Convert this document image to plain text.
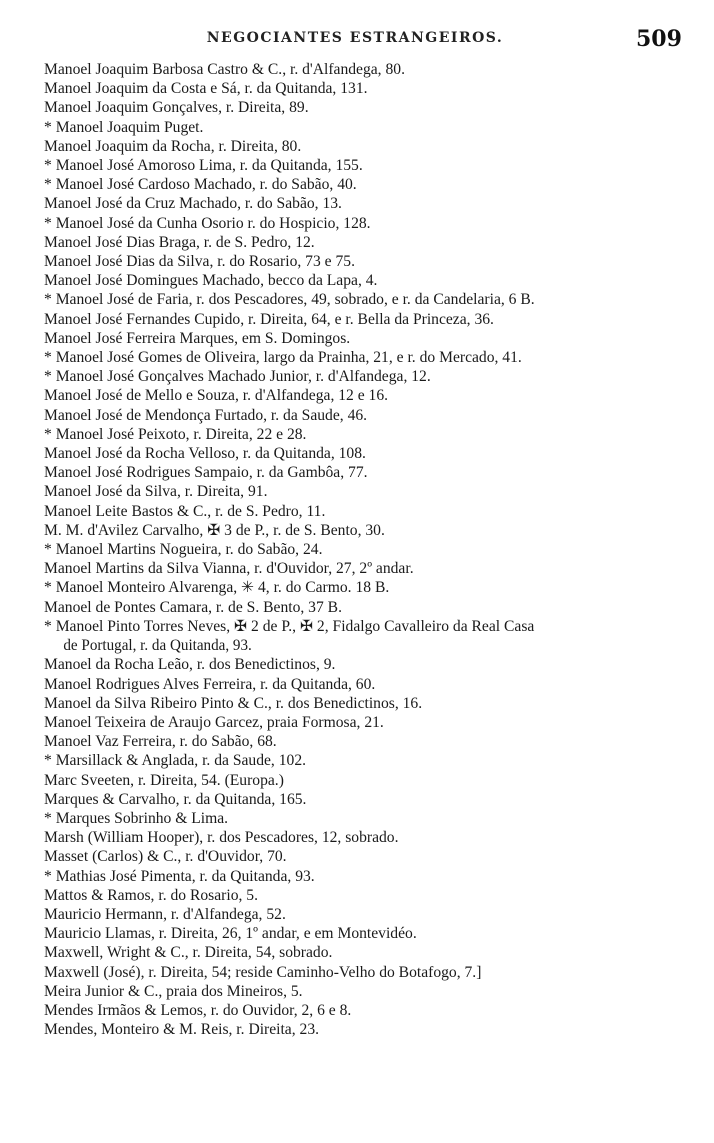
NEGOCIANTES ESTRANGEIROS.	509
Manoel Joaquim Barbosa Castro & C., r. d'Alfandega, 80.
Manoel Joaquim da Costa e Sá, r. da Quitanda, 131.
Manoel Joaquim Gonçalves, r. Direita, 89.
* Manoel Joaquim Puget.
Manoel Joaquim da Rocha, r. Direita, 80.
* Manoel José Amoroso Lima, r. da Quitanda, 155.
* Manoel José Cardoso Machado, r. do Sabão, 40.
Manoel José da Cruz Machado, r. do Sabão, 13.
* Manoel José da Cunha Osorio r. do Hospicio, 128.
Manoel José Dias Braga, r. de S. Pedro, 12.
Manoel José Dias da Silva, r. do Rosario, 73 e 75.
Manoel José Domingues Machado, becco da Lapa, 4.
* Manoel José de Faria, r. dos Pescadores, 49, sobrado, e r. da Candelaria, 6 B.
Manoel José Fernandes Cupido, r. Direita, 64, e r. Bella da Princeza, 36.
Manoel José Ferreira Marques, em S. Domingos.
* Manoel José Gomes de Oliveira, largo da Prainha, 21, e r. do Mercado, 41.
* Manoel José Gonçalves Machado Junior, r. d'Alfandega, 12.
Manoel José de Mello e Souza, r. d'Alfandega, 12 e 16.
Manoel José de Mendonça Furtado, r. da Saude, 46.
* Manoel José Peixoto, r. Direita, 22 e 28.
Manoel José da Rocha Velloso, r. da Quitanda, 108.
Manoel José Rodrigues Sampaio, r. da Gambôa, 77.
Manoel José da Silva, r. Direita, 91.
Manoel Leite Bastos & C., r. de S. Pedro, 11.
M. M. d'Avilez Carvalho, ✠ 3 de P., r. de S. Bento, 30.
* Manoel Martins Nogueira, r. do Sabão, 24.
Manoel Martins da Silva Vianna, r. d'Ouvidor, 27, 2º andar.
* Manoel Monteiro Alvarenga, ✳ 4, r. do Carmo. 18 B.
Manoel de Pontes Camara, r. de S. Bento, 37 B.
* Manoel Pinto Torres Neves, ✠ 2 de P., ✠ 2, Fidalgo Cavalleiro da Real Casa
de Portugal, r. da Quitanda, 93.
Manoel da Rocha Leão, r. dos Benedictinos, 9.
Manoel Rodrigues Alves Ferreira, r. da Quitanda, 60.
Manoel da Silva Ribeiro Pinto & C., r. dos Benedictinos, 16.
Manoel Teixeira de Araujo Garcez, praia Formosa, 21.
Manoel Vaz Ferreira, r. do Sabão, 68.
* Marsillack & Anglada, r. da Saude, 102.
Marc Sveeten, r. Direita, 54. (Europa.)
Marques & Carvalho, r. da Quitanda, 165.
* Marques Sobrinho & Lima.
Marsh (William Hooper), r. dos Pescadores, 12, sobrado.
Masset (Carlos) & C., r. d'Ouvidor, 70.
* Mathias José Pimenta, r. da Quitanda, 93.
Mattos & Ramos, r. do Rosario, 5.
Mauricio Hermann, r. d'Alfandega, 52.
Mauricio Llamas, r. Direita, 26, 1º andar, e em Montevidéo.
Maxwell, Wright & C., r. Direita, 54, sobrado.
Maxwell (José), r. Direita, 54; reside Caminho-Velho do Botafogo, 7.]
Meira Junior & C., praia dos Mineiros, 5.
Mendes Irmãos & Lemos, r. do Ouvidor, 2, 6 e 8.
Mendes, Monteiro & M. Reis, r. Direita, 23.
